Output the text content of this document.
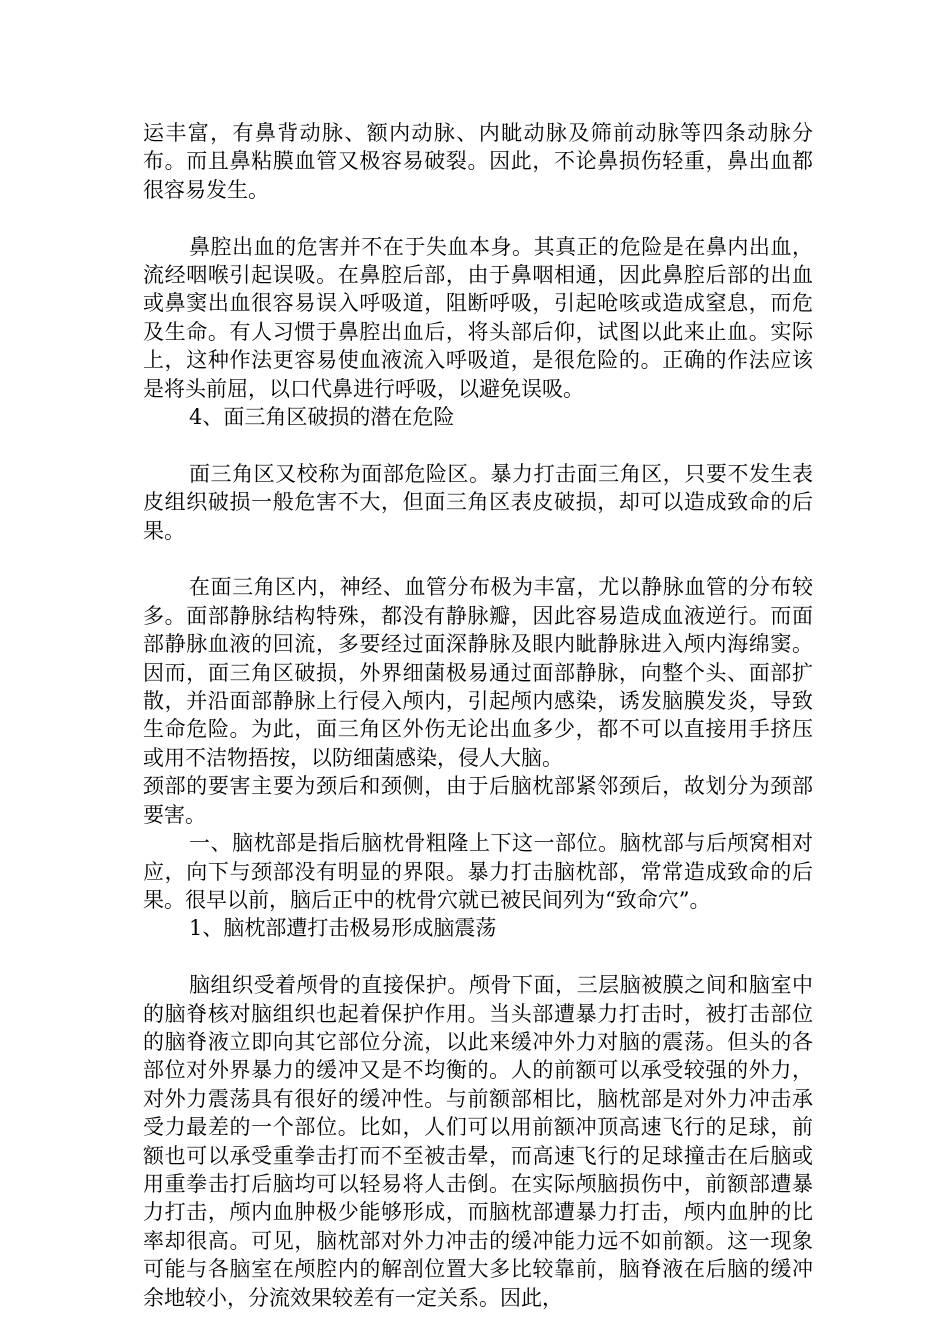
运丰富，有鼻背动脉、额内动脉、内眦动脉及筛前动脉等四条动脉分布。而且鼻粘膜血管又极容易破裂。因此，不论鼻损伤轻重，鼻出血都很容易发生。

鼻腔出血的危害并不在于失血本身。其真正的危险是在鼻内出血，流经咽喉引起误吸。在鼻腔后部，由于鼻咽相通，因此鼻腔后部的出血或鼻窦出血很容易误入呼吸道，阻断呼吸，引起呛咳或造成窒息，而危及生命。有人习惯于鼻腔出血后，将头部后仰，试图以此来止血。实际上，这种作法更容易使血液流入呼吸道，是很危险的。正确的作法应该是将头前屈，以口代鼻进行呼吸，以避免误吸。

4、面三角区破损的潜在危险

面三角区又校称为面部危险区。暴力打击面三角区，只要不发生表皮组织破损一般危害不大，但面三角区表皮破损，却可以造成致命的后果。

在面三角区内，神经、血管分布极为丰富，尤以静脉血管的分布较多。面部静脉结构特殊，都没有静脉瓣，因此容易造成血液逆行。而面部静脉血液的回流，多要经过面深静脉及眼内眦静脉进入颅内海绵窦。因而，面三角区破损，外界细菌极易通过面部静脉，向整个头、面部扩散，并沿面部静脉上行侵入颅内，引起颅内感染，诱发脑膜发炎，导致生命危险。为此，面三角区外伤无论出血多少，都不可以直接用手挤压或用不洁物捂按，以防细菌感染，侵人大脑。

颈部的要害主要为颈后和颈侧，由于后脑枕部紧邻颈后，故划分为颈部要害。

一、脑枕部是指后脑枕骨粗隆上下这一部位。脑枕部与后颅窝相对应，向下与颈部没有明显的界限。暴力打击脑枕部，常常造成致命的后果。很早以前，脑后正中的枕骨穴就已被民间列为“致命穴”。

1、脑枕部遭打击极易形成脑震荡

脑组织受着颅骨的直接保护。颅骨下面，三层脑被膜之间和脑室中的脑脊核对脑组织也起着保护作用。当头部遭暴力打击时，被打击部位的脑脊液立即向其它部位分流，以此来缓冲外力对脑的震荡。但头的各部位对外界暴力的缓冲又是不均衡的。人的前额可以承受较强的外力，对外力震荡具有很好的缓冲性。与前额部相比，脑枕部是对外力冲击承受力最差的一个部位。比如，人们可以用前额冲顶高速飞行的足球，前额也可以承受重拳击打而不至被击晕，而高速飞行的足球撞击在后脑或用重拳击打后脑均可以轻易将人击倒。在实际颅脑损伤中，前额部遭暴力打击，颅内血肿极少能够形成，而脑枕部遭暴力打击，颅内血肿的比率却很高。可见，脑枕部对外力冲击的缓冲能力远不如前额。这一现象可能与各脑室在颅腔内的解剖位置大多比较靠前，脑脊液在后脑的缓冲余地较小，分流效果较差有一定关系。因此，
